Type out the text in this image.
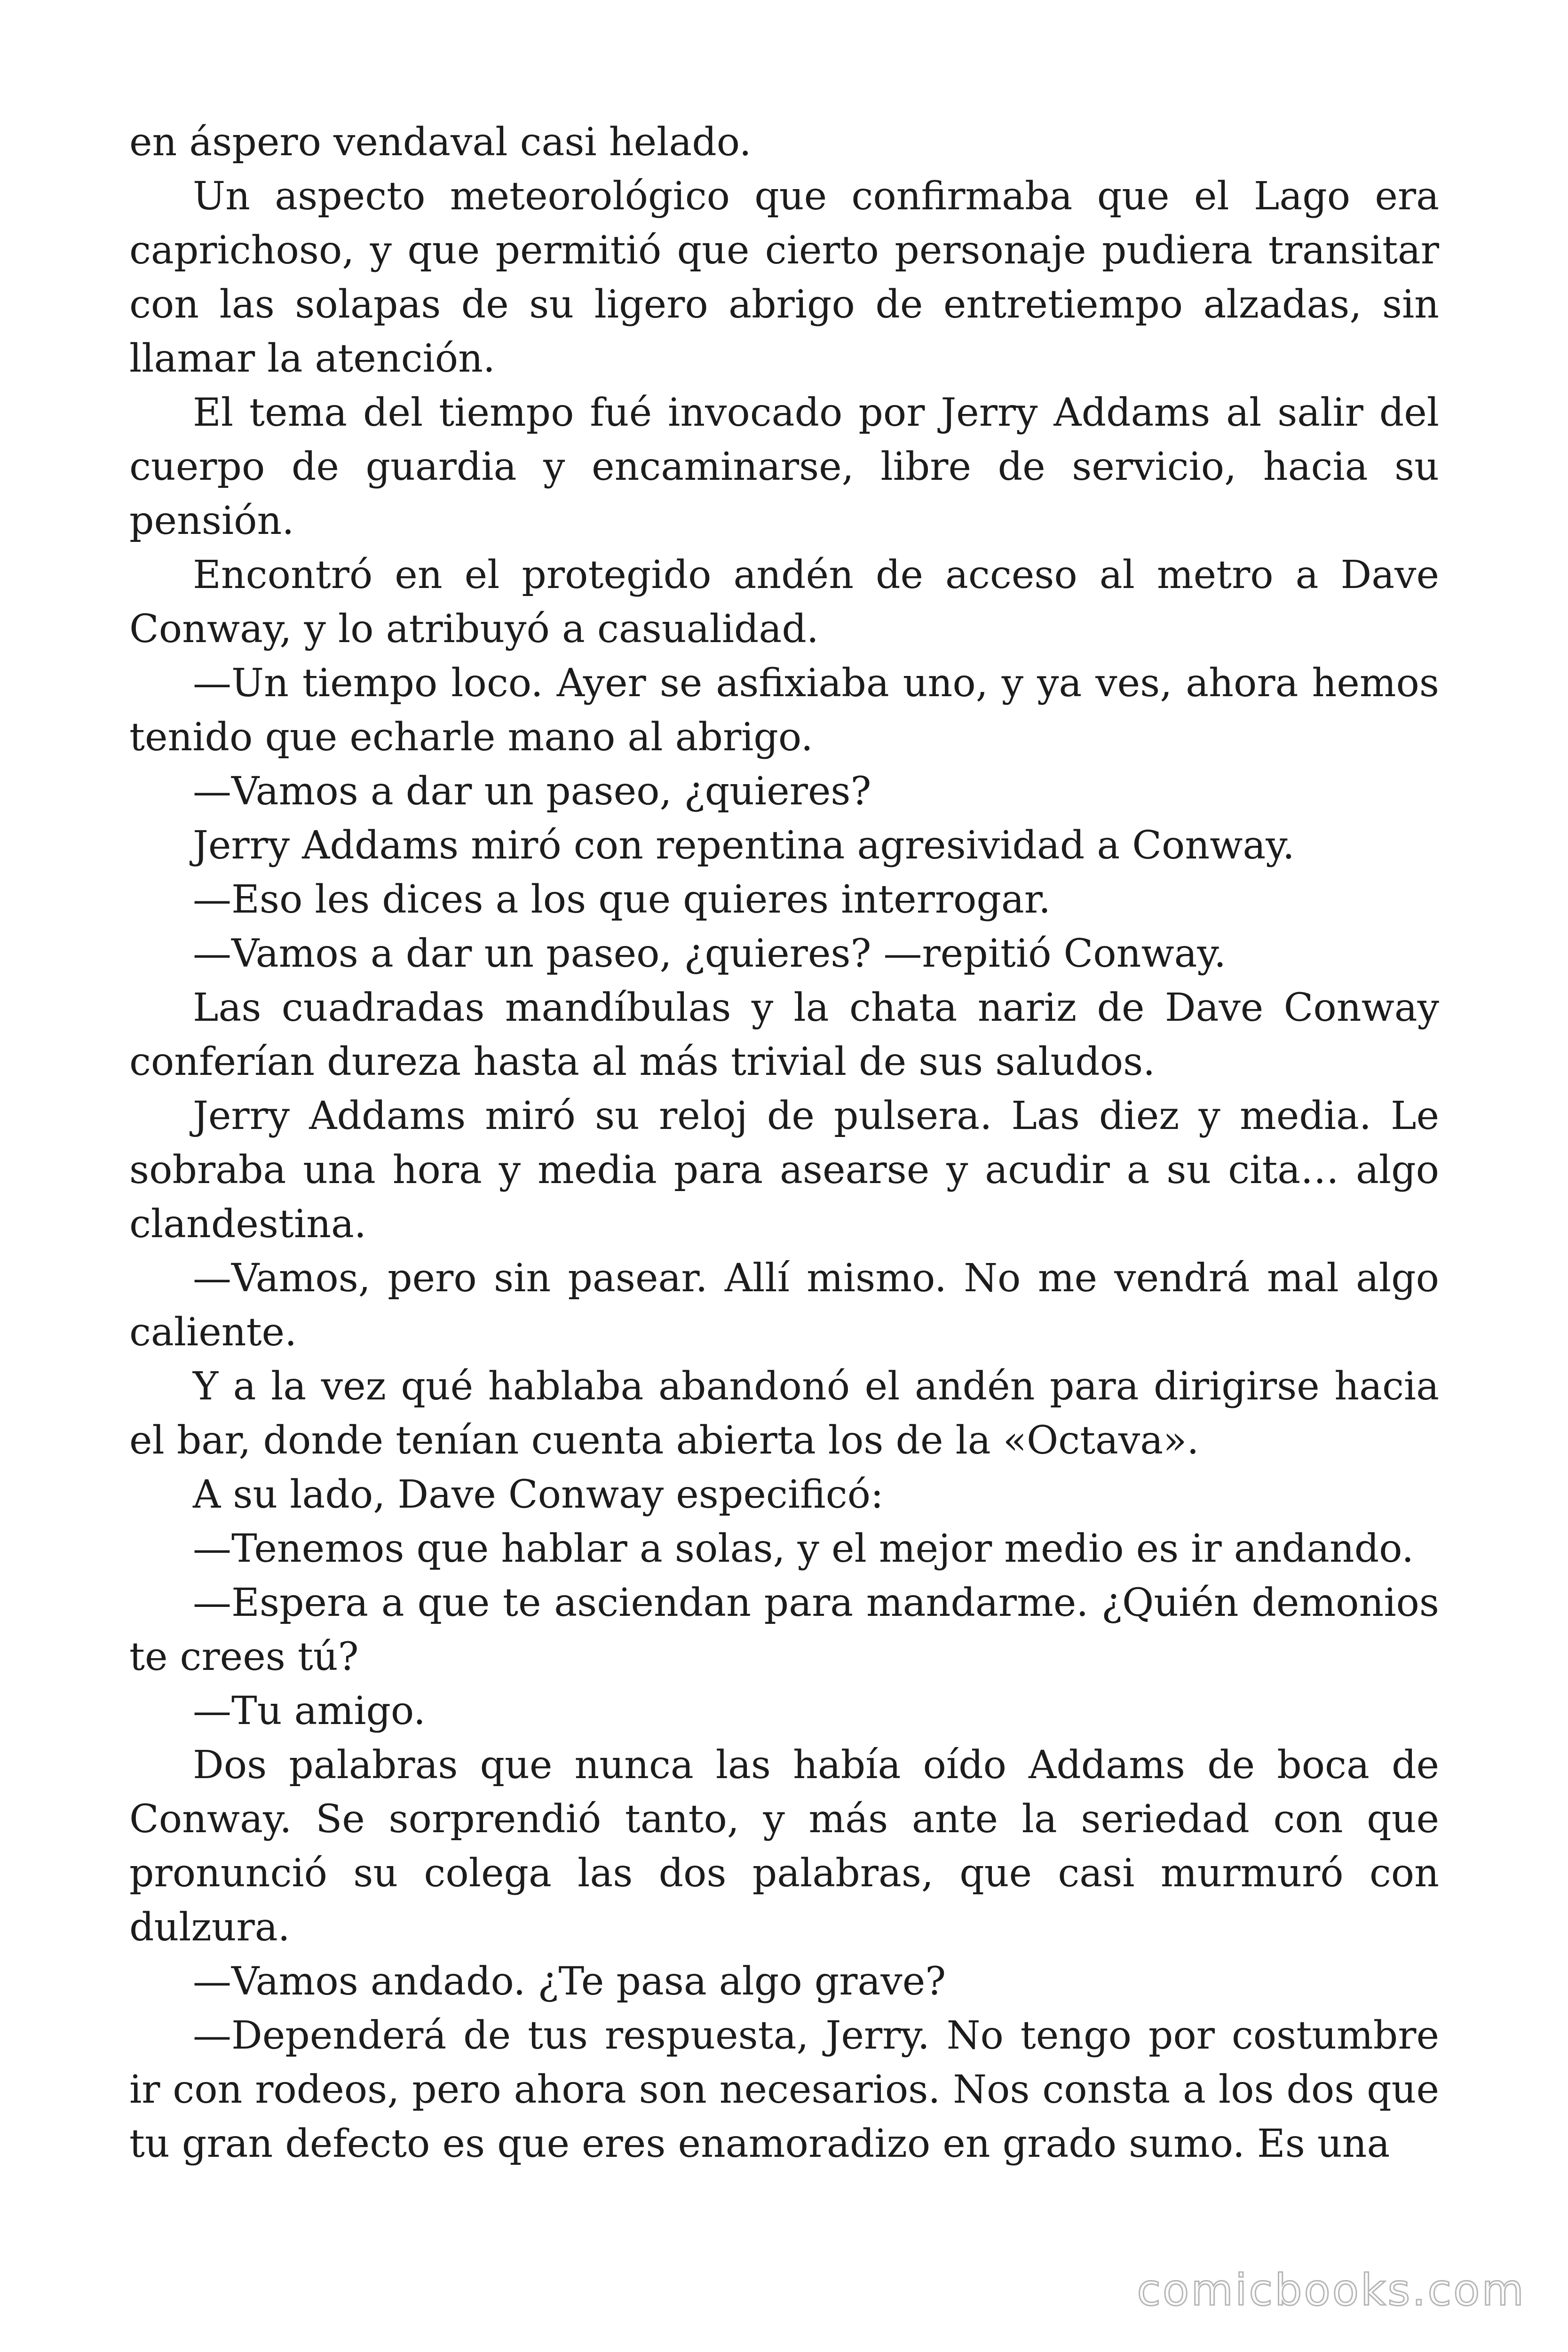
en áspero vendaval casi helado.

Un aspecto meteorológico que confirmaba que el Lago era caprichoso, y que permitió que cierto personaje pudiera transitar con las solapas de su ligero abrigo de entretiempo alzadas, sin llamar la atención.

El tema del tiempo fué invocado por Jerry Addams al salir del cuerpo de guardia y encaminarse, libre de servicio, hacia su pensión.

Encontró en el protegido andén de acceso al metro a Dave Conway, y lo atribuyó a casualidad.

—Un tiempo loco. Ayer se asfixiaba uno, y ya ves, ahora hemos tenido que echarle mano al abrigo.

—Vamos a dar un paseo, ¿quieres?

Jerry Addams miró con repentina agresividad a Conway.

—Eso les dices a los que quieres interrogar.

—Vamos a dar un paseo, ¿quieres? —repitió Conway.

Las cuadradas mandíbulas y la chata nariz de Dave Conway conferían dureza hasta al más trivial de sus saludos.

Jerry Addams miró su reloj de pulsera. Las diez y media. Le sobraba una hora y media para asearse y acudir a su cita… algo clandestina.

—Vamos, pero sin pasear. Allí mismo. No me vendrá mal algo caliente.

Y a la vez qué hablaba abandonó el andén para dirigirse hacia el bar, donde tenían cuenta abierta los de la «Octava».

A su lado, Dave Conway especificó:

—Tenemos que hablar a solas, y el mejor medio es ir andando.

—Espera a que te asciendan para mandarme. ¿Quién demonios te crees tú?

—Tu amigo.

Dos palabras que nunca las había oído Addams de boca de Conway. Se sorprendió tanto, y más ante la seriedad con que pronunció su colega las dos palabras, que casi murmuró con dulzura.

—Vamos andado. ¿Te pasa algo grave?

—Dependerá de tus respuesta, Jerry. No tengo por costumbre ir con rodeos, pero ahora son necesarios. Nos consta a los dos que tu gran defecto es que eres enamoradizo en grado sumo. Es una

comicbooks.com
